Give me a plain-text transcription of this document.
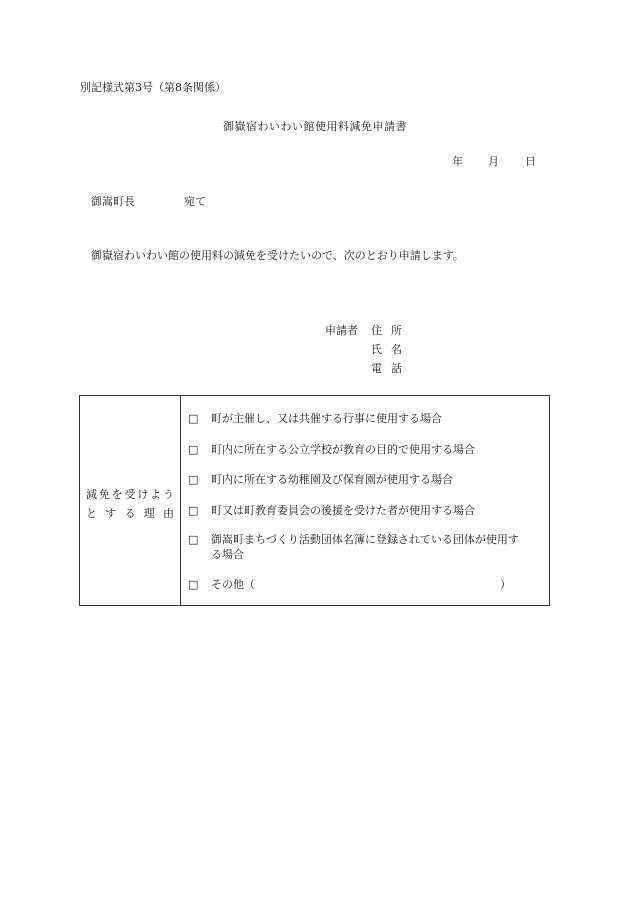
別記様式第3号（第8条関係）
御嶽宿わいわい館使用料減免申請書
年 月 日
御嵩町長	宛て
御嶽宿わいわい館の使用料の減免を受けたいので、次のとおり申請します。
申請者 住所
氏名
電話
減 免 を 受 け よ う
と す る 理 由
□ 町が主催し、又は共催する行事に使用する場合
□ 町内に所在する公立学校が教育の目的で使用する場合
□ 町内に所在する幼稚園及び保育園が使用する場合
□ 町又は町教育委員会の後援を受けた者が使用する場合
□ 御嵩町まちづくり活動団体名簿に登録されている団体が使用す
る場合
□ その他（	）
